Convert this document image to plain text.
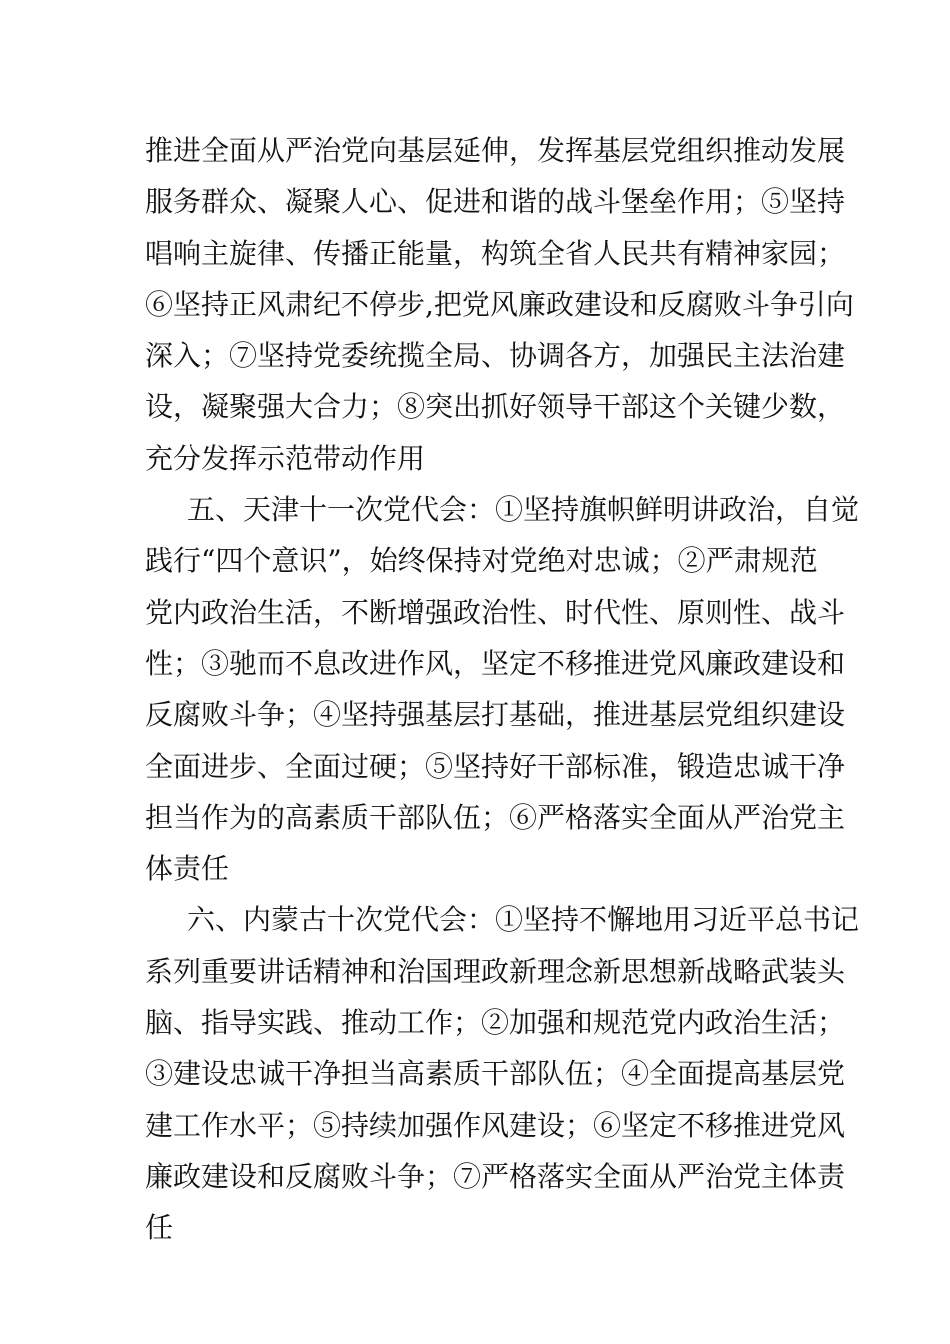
推进全面从严治党向基层延伸，发挥基层党组织推动发展
服务群众、凝聚人心、促进和谐的战斗堡垒作用；⑤坚持
唱响主旋律、传播正能量，构筑全省人民共有精神家园；
⑥坚持正风肃纪不停步,把党风廉政建设和反腐败斗争引向
深入；⑦坚持党委统揽全局、协调各方，加强民主法治建
设，凝聚强大合力；⑧突出抓好领导干部这个关键少数，
充分发挥示范带动作用
五、天津十一次党代会：①坚持旗帜鲜明讲政治，自觉
践行“四个意识”，始终保持对党绝对忠诚；②严肃规范
党内政治生活，不断增强政治性、时代性、原则性、战斗
性；③驰而不息改进作风，坚定不移推进党风廉政建设和
反腐败斗争；④坚持强基层打基础，推进基层党组织建设
全面进步、全面过硬；⑤坚持好干部标准，锻造忠诚干净
担当作为的高素质干部队伍；⑥严格落实全面从严治党主
体责任
六、内蒙古十次党代会：①坚持不懈地用习近平总书记
系列重要讲话精神和治国理政新理念新思想新战略武装头
脑、指导实践、推动工作；②加强和规范党内政治生活；
③建设忠诚干净担当高素质干部队伍；④全面提高基层党
建工作水平；⑤持续加强作风建设；⑥坚定不移推进党风
廉政建设和反腐败斗争；⑦严格落实全面从严治党主体责
任
